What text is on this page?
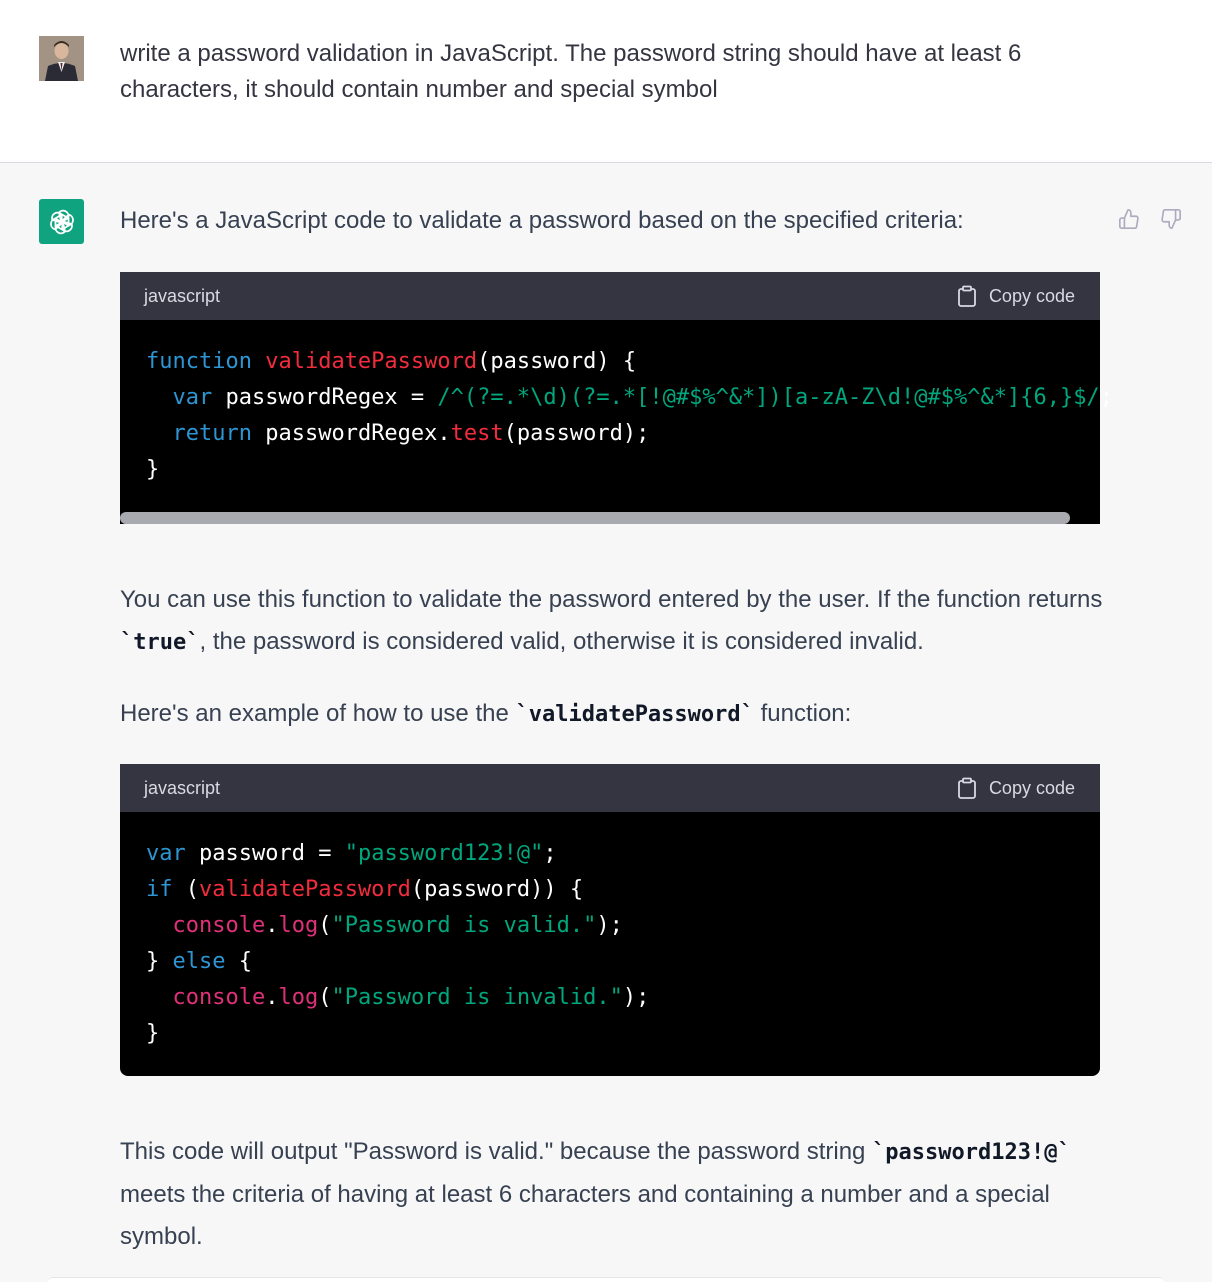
write a password validation in JavaScript. The password string should have at least 6 characters, it should contain number and special symbol
Here's a JavaScript code to validate a password based on the specified criteria:
javascript	Copy code
function validatePassword(password) {
var passwordRegex = /^(?=.*\d)(?=.*[!@#$%^&*])[a-zA-Z\d!@#$%^&*]{6,}$/;
return passwordRegex.test(password);
}
You can use this function to validate the password entered by the user. If the function returns `true`, the password is considered valid, otherwise it is considered invalid.
Here's an example of how to use the `validatePassword` function:
javascript	Copy code
var password = "password123!@";
if (validatePassword(password)) {
console.log("Password is valid.");
} else {
console.log("Password is invalid.");
}
This code will output "Password is valid." because the password string `password123!@` meets the criteria of having at least 6 characters and containing a number and a special symbol.
